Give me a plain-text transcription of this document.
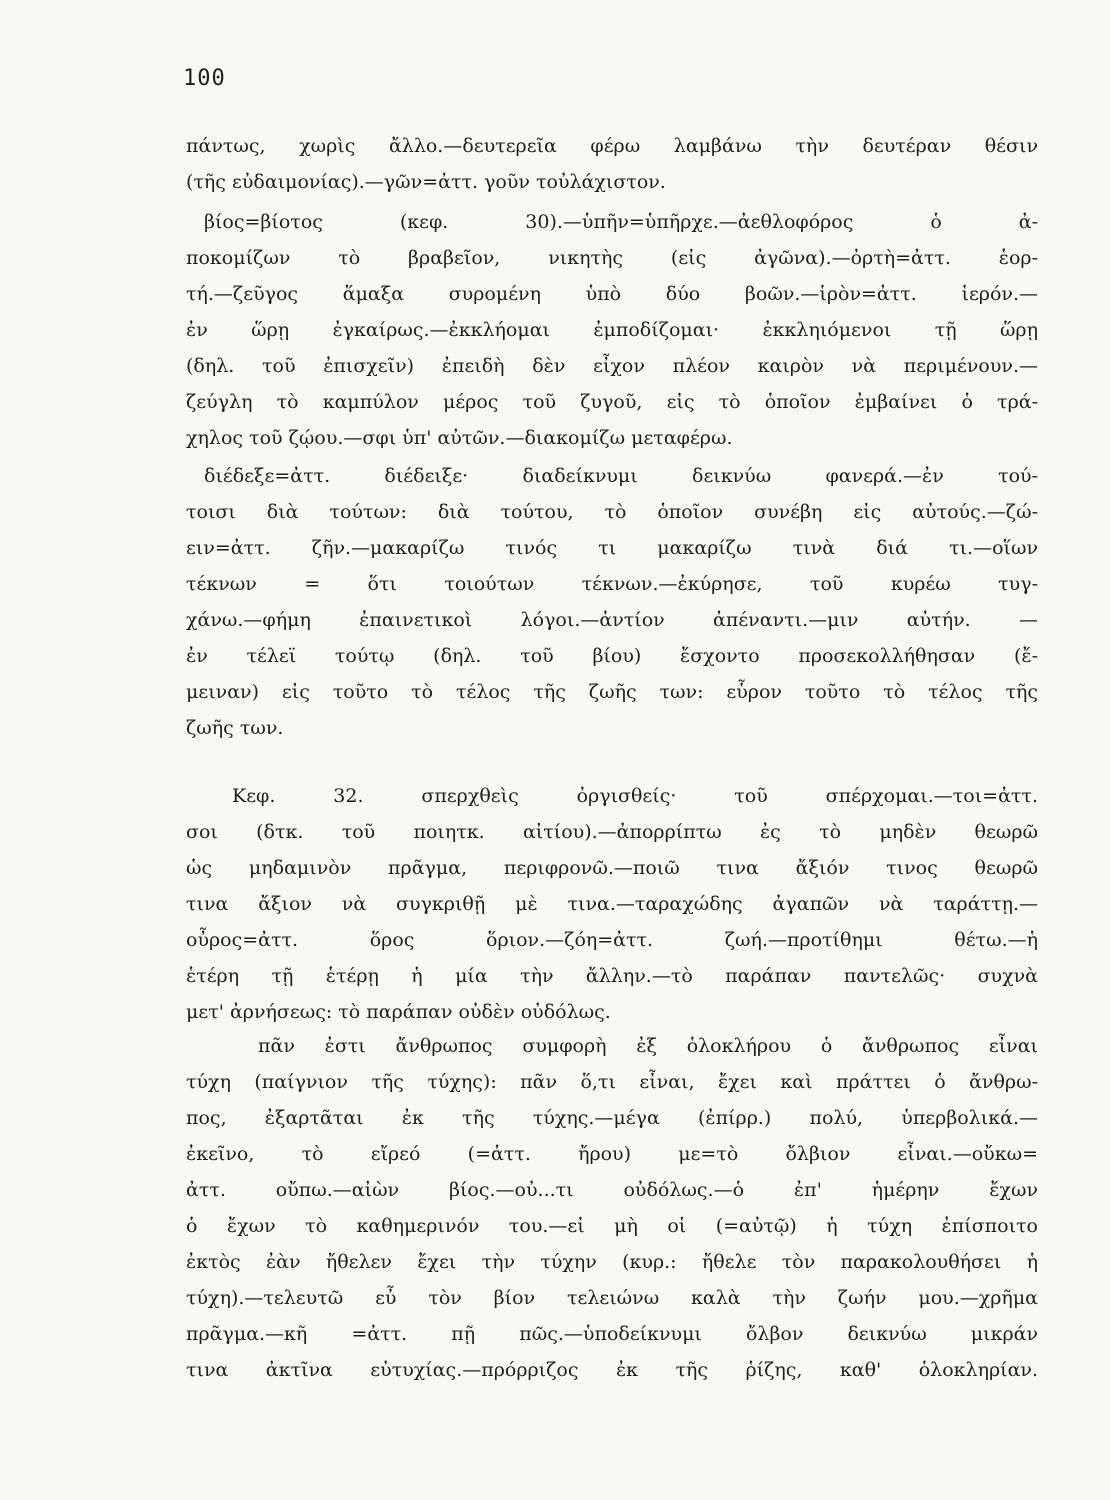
100
πάντως, χωρὶς ἄλλο.—δευτερεῖα φέρω λαμβάνω τὴν δευτέραν θέσιν
(τῆς εὐδαιμονίας).—γῶν=ἀττ. γοῦν τοὐλάχιστον.
βίος=βίοτος (κεφ. 30).—ὑπῆν=ὑπῆρχε.—ἀεθλοφόρος ὁ ἀ-
ποκομίζων τὸ βραβεῖον, νικητὴς (εἰς ἀγῶνα).—ὀρτὴ=ἀττ. ἑορ-
τή.—ζεῦγος ἅμαξα συρομένη ὑπὸ δύο βοῶν.—ἱρὸν=ἀττ. ἱερόν.—
ἐν ὥρῃ ἐγκαίρως.—ἐκκλήομαι ἐμποδίζομαι· ἐκκληιόμενοι τῇ ὥρῃ
(δηλ. τοῦ ἐπισχεῖν) ἐπειδὴ δὲν εἶχον πλέον καιρὸν νὰ περιμένουν.—
ζεύγλη τὸ καμπύλον μέρος τοῦ ζυγοῦ, εἰς τὸ ὁποῖον ἐμβαίνει ὁ τρά-
χηλος τοῦ ζῴου.—σφι ὑπ' αὐτῶν.—διακομίζω μεταφέρω.
διέδεξε=ἀττ. διέδειξε· διαδείκνυμι δεικνύω φανερά.—ἐν τού-
τοισι διὰ τούτων: διὰ τούτου, τὸ ὁποῖον συνέβη εἰς αὐτούς.—ζώ-
ειν=ἀττ. ζῆν.—μακαρίζω τινός τι μακαρίζω τινὰ διά τι.—οἵων
τέκνων = ὅτι τοιούτων τέκνων.—ἐκύρησε, τοῦ κυρέω τυγ-
χάνω.—φήμη ἐπαινετικοὶ λόγοι.—ἀντίον ἀπέναντι.—μιν αὐτήν. —
ἐν τέλεϊ τούτῳ (δηλ. τοῦ βίου) ἔσχοντο προσεκολλήθησαν (ἔ-
μειναν) εἰς τοῦτο τὸ τέλος τῆς ζωῆς των: εὗρον τοῦτο τὸ τέλος τῆς
ζωῆς των.
Κεφ. 32. σπερχθεὶς ὀργισθείς· τοῦ σπέρχομαι.—τοι=ἀττ.
σοι (δτκ. τοῦ ποιητκ. αἰτίου).—ἀπορρίπτω ἐς τὸ μηδὲν θεωρῶ
ὡς μηδαμινὸν πρᾶγμα, περιφρονῶ.—ποιῶ τινα ἄξιόν τινος θεωρῶ
τινα ἄξιον νὰ συγκριθῇ μὲ τινα.—ταραχώδης ἀγαπῶν νὰ ταράττῃ.—
οὖρος=ἀττ. ὅρος ὅριον.—ζόη=ἀττ. ζωή.—προτίθημι θέτω.—ἡ
ἑτέρη τῇ ἑτέρῃ ἡ μία τὴν ἄλλην.—τὸ παράπαν παντελῶς· συχνὰ
μετ' ἀρνήσεως: τὸ παράπαν οὐδὲν οὐδόλως.
πᾶν ἐστι ἄνθρωπος συμφορὴ ἐξ ὁλοκλήρου ὁ ἄνθρωπος εἶναι
τύχη (παίγνιον τῆς τύχης): πᾶν ὅ,τι εἶναι, ἔχει καὶ πράττει ὁ ἄνθρω-
πος, ἐξαρτᾶται ἐκ τῆς τύχης.—μέγα (ἐπίρρ.) πολύ, ὑπερβολικά.—
ἐκεῖνο, τὸ εἴρεό (=ἀττ. ἤρου) με=τὸ ὄλβιον εἶναι.—οὔκω=
ἀττ. οὔπω.—αἰὼν βίος.—οὐ...τι οὐδόλως.—ὁ ἐπ' ἡμέρην ἔχων
ὁ ἔχων τὸ καθημερινόν του.—εἰ μὴ οἱ (=αὐτῷ) ἡ τύχη ἐπίσποιτο
ἐκτὸς ἐὰν ἤθελεν ἔχει τὴν τύχην (κυρ.: ἤθελε τὸν παρακολουθήσει ἡ
τύχη).—τελευτῶ εὖ τὸν βίον τελειώνω καλὰ τὴν ζωήν μου.—χρῆμα
πρᾶγμα.—κῆ =ἀττ. πῇ πῶς.—ὑποδείκνυμι ὄλβον δεικνύω μικράν
τινα ἀκτῖνα εὐτυχίας.—πρόρριζος ἐκ τῆς ῥίζης, καθ' ὁλοκληρίαν.
